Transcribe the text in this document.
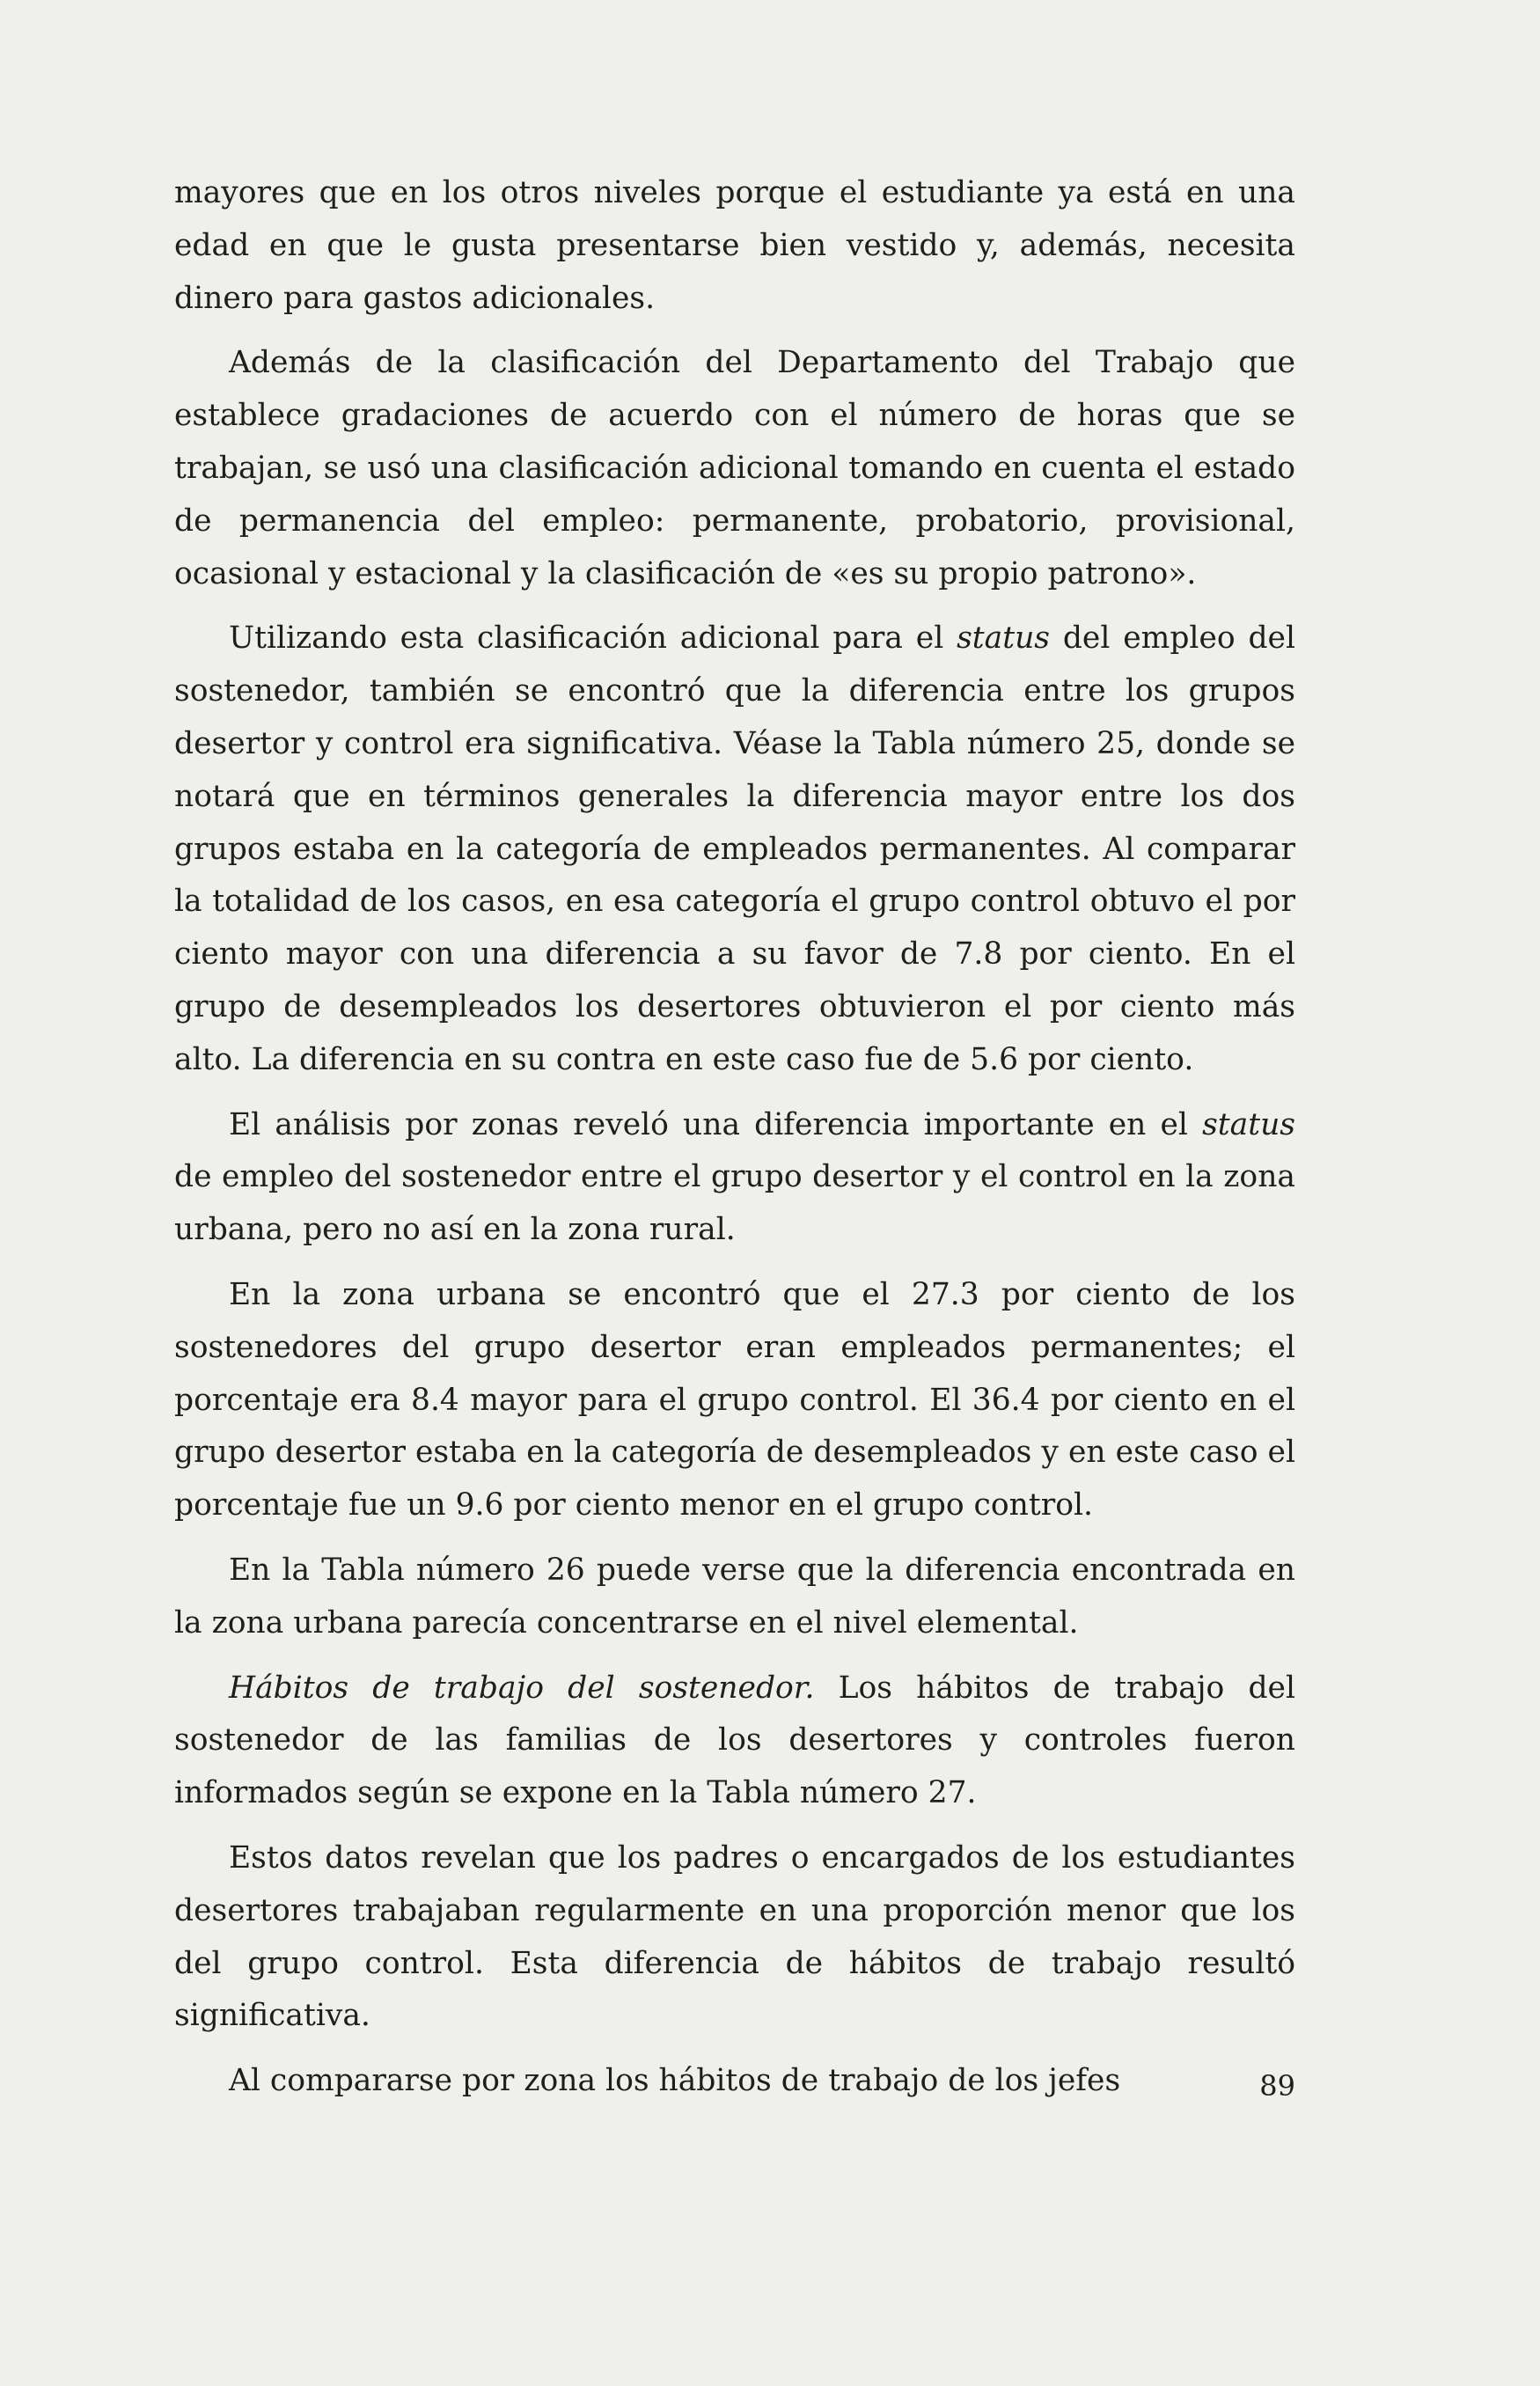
mayores que en los otros niveles porque el estudiante ya está en una edad en que le gusta presentarse bien vestido y, además, necesita dinero para gastos adicionales.

Además de la clasificación del Departamento del Trabajo que establece gradaciones de acuerdo con el número de horas que se trabajan, se usó una clasificación adicional tomando en cuenta el estado de permanencia del empleo: permanente, probatorio, provisional, ocasional y estacional y la clasificación de «es su propio patrono».

Utilizando esta clasificación adicional para el status del empleo del sostenedor, también se encontró que la diferencia entre los grupos desertor y control era significativa. Véase la Tabla número 25, donde se notará que en términos generales la diferencia mayor entre los dos grupos estaba en la categoría de empleados permanentes. Al comparar la totalidad de los casos, en esa categoría el grupo control obtuvo el por ciento mayor con una diferencia a su favor de 7.8 por ciento. En el grupo de desempleados los desertores obtuvieron el por ciento más alto. La diferencia en su contra en este caso fue de 5.6 por ciento.

El análisis por zonas reveló una diferencia importante en el status de empleo del sostenedor entre el grupo desertor y el control en la zona urbana, pero no así en la zona rural.

En la zona urbana se encontró que el 27.3 por ciento de los sostenedores del grupo desertor eran empleados permanentes; el porcentaje era 8.4 mayor para el grupo control. El 36.4 por ciento en el grupo desertor estaba en la categoría de desempleados y en este caso el porcentaje fue un 9.6 por ciento menor en el grupo control.

En la Tabla número 26 puede verse que la diferencia encontrada en la zona urbana parecía concentrarse en el nivel elemental.

Hábitos de trabajo del sostenedor. Los hábitos de trabajo del sostenedor de las familias de los desertores y controles fueron informados según se expone en la Tabla número 27.

Estos datos revelan que los padres o encargados de los estudiantes desertores trabajaban regularmente en una proporción menor que los del grupo control. Esta diferencia de hábitos de trabajo resultó significativa.

Al compararse por zona los hábitos de trabajo de los jefes	89
